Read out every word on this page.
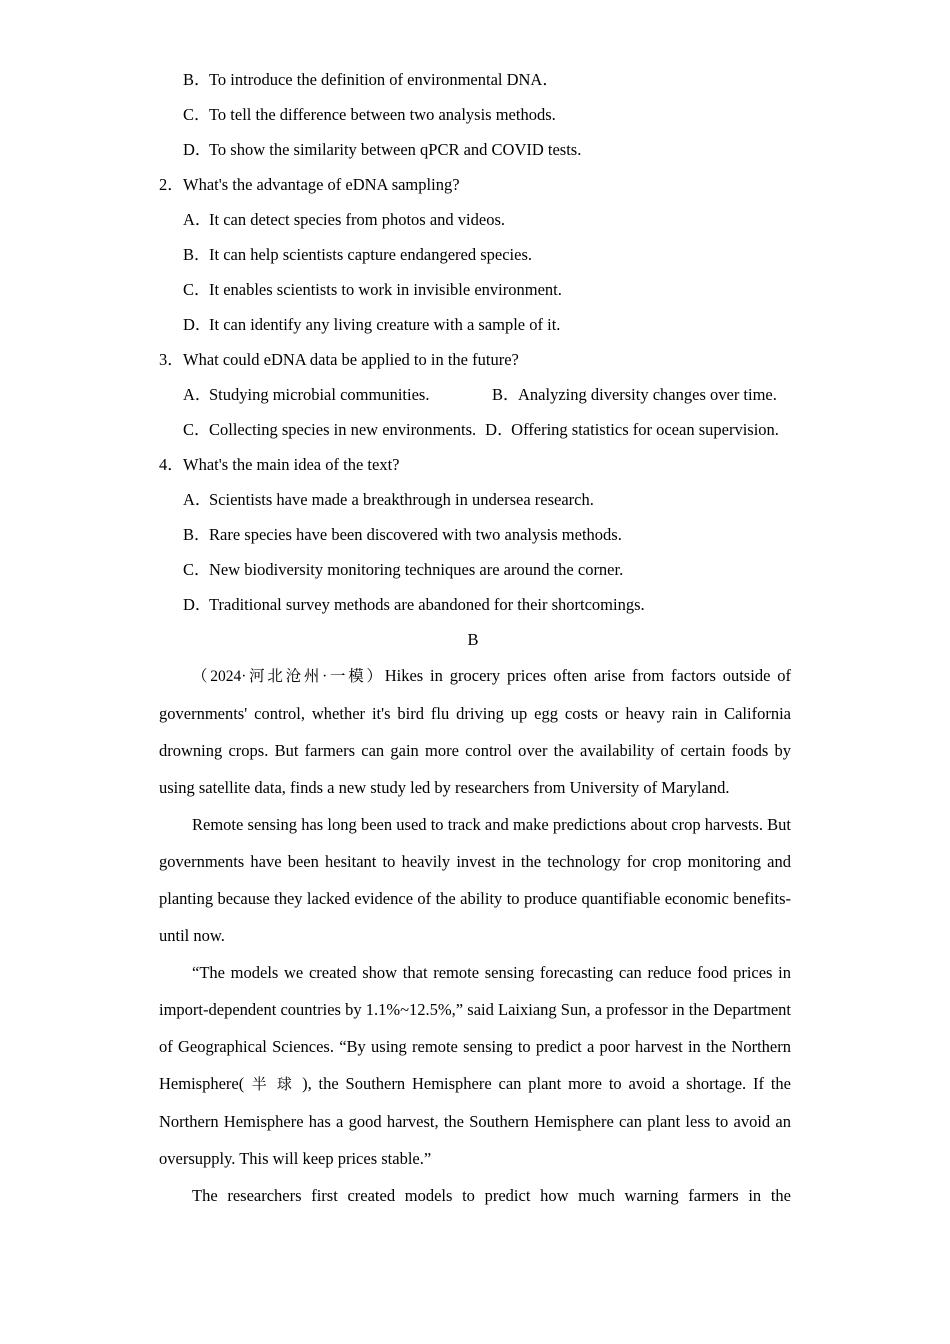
B．To introduce the definition of environmental DNA．

C．To tell the difference between two analysis methods.

D．To show the similarity between qPCR and COVID tests.

2．What's the advantage of eDNA sampling?

A．It can detect species from photos and videos.

B．It can help scientists capture endangered species.

C．It enables scientists to work in invisible environment.

D．It can identify any living creature with a sample of it.

3．What could eDNA data be applied to in the future?

A．Studying microbial communities.	B．Analyzing diversity changes over time.

C．Collecting species in new environments. D．Offering statistics for ocean supervision.

4．What's the main idea of the text?

A．Scientists have made a breakthrough in undersea research.

B．Rare species have been discovered with two analysis methods.

C．New biodiversity monitoring techniques are around the corner.

D．Traditional survey methods are abandoned for their shortcomings.

B

（2024·河北沧州·一模）Hikes in grocery prices often arise from factors outside of governments' control, whether it's bird flu driving up egg costs or heavy rain in California drowning crops. But farmers can gain more control over the availability of certain foods by using satellite data, finds a new study led by researchers from University of Maryland.

Remote sensing has long been used to track and make predictions about crop harvests. But governments have been hesitant to heavily invest in the technology for crop monitoring and planting because they lacked evidence of the ability to produce quantifiable economic benefits-until now.

“The models we created show that remote sensing forecasting can reduce food prices in import-dependent countries by 1.1%~12.5%,” said Laixiang Sun, a professor in the Department of Geographical Sciences. “By using remote sensing to predict a poor harvest in the Northern Hemisphere( 半 球 ), the Southern Hemisphere can plant more to avoid a shortage. If the Northern Hemisphere has a good harvest, the Southern Hemisphere can plant less to avoid an oversupply. This will keep prices stable.”

The researchers first created models to predict how much warning farmers in the
